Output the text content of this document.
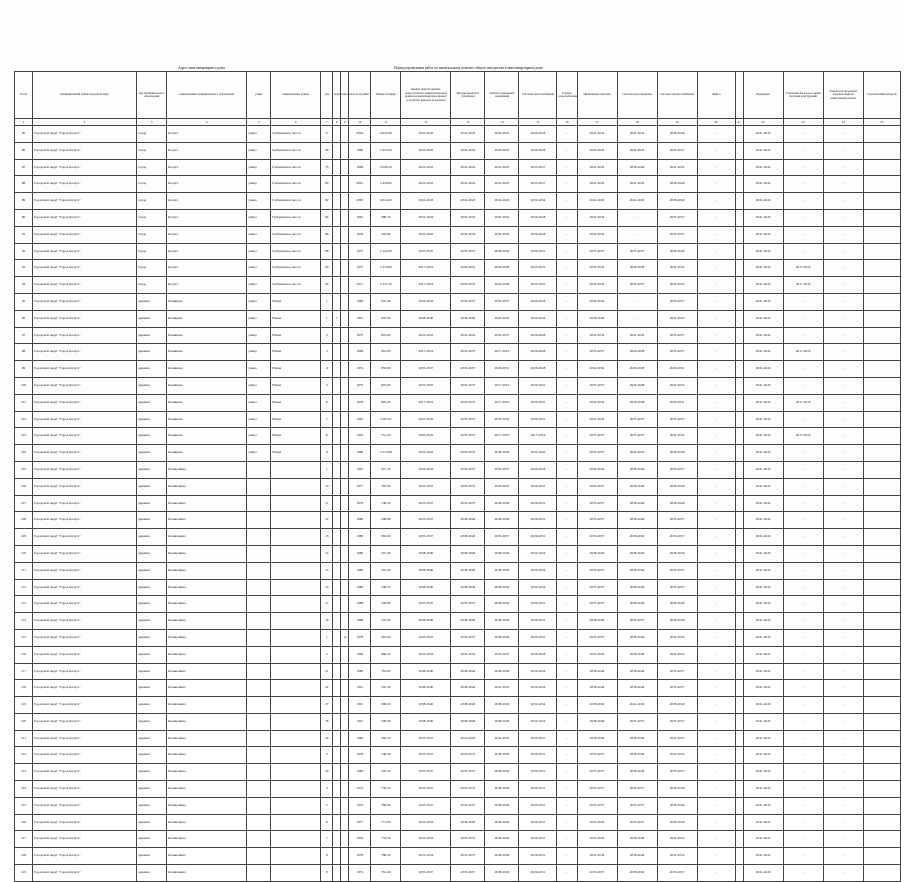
Адрес многоквартирного дома	Период проведения работ по капитальному ремонту общего имущества в многоквартирном доме
№ п/п	муниципальный район/городской округ	вид муниципального образования	наименование муниципального образования	улица	наименование улицы	дом	корпус	литера	Год постройки	Общая площадь	Крыша (ремонт крыши, переустройство невентилируемой крыши на вентилируемую крышу, устройство выходов на кровлю)	Фасады (ремонт и утепление)	Ремонт подвальных помещений	Системы теплоснабжения	Горячее водоснабжение	Инженерные системы	Система водоотведения	Система электроснабжения	Лифты		Фундамент	Утепление фасадов и оценка несущих конструкций	Разработка проектной документации на капитальный ремонт	Строительный контроль
1	2	3	4	5	6	7	8	9	10	11	12	13	14	15	16	17	18	19	20	21	22	23	24	25
85	Городской округ "Город Калуга"	город	Калуга	улица	Гребешковое шоссе	17			2004	4 652,90	2041-2043	2041-2043	2041-2043	2026-2028	-	2041-2043	2041-2043	2038-2040	-		2041-2043	-	-	
86	Городской округ "Город Калуга"	город	Калуга	улица	Гребешковое шоссе	28			1960	1 653,50	2041-2043	2032-2034	2035-2037	2026-2028	-	2032-2034	2041-2043	2035-2037	-		2041-2043	-	-	
87	Городской округ "Город Калуга"	город	Калуга	улица	Гребешковое шоссе	76			1969	2 098,10	2041-2043	2041-2043	2041-2043	2035-2037	-	2041-2043	2038-2040	2041-2043	-		2041-2043	-	-	
88	Городской округ "Город Калуга"	город	Калуга	улица	Гребешковое шоссе	80			2001	3 426,00	2041-2043	2041-2043	2041-2043	2035-2037	-	2041-2043	2041-2043	2038-2040	-		2041-2043	-	-	
89	Городской округ "Город Калуга"	город	Калуга	улица	Гребешковое шоссе	82			2005	6 014,20	2041-2043	2041-2043	2041-2043	2032-2034	-	2041-2043	2041-2043	2038-2040	-		2041-2043	-	-	
90	Городской округ "Город Калуга"	город	Калуга	улица	Гребешковое шоссе	84			1961	288,70	2032-2034	2032-2034	2032-2034	2026-2028	-	2032-2034	-	2035-2037	-		2041-2043	-	-	
91	Городской округ "Город Калуга"	город	Калуга	улица	Гребешковое шоссе	86			1959	293,80	2041-2043	2032-2034	2032-2034	2026-2028	-	2032-2034	-	2035-2037	-		2041-2043	-	-	
92	Городской округ "Город Калуга"	город	Калуга	улица	Гребешковое шоссе	88			1975	1 542,00	2035-2037	2035-2037	2038-2040	2029-2031	-	2035-2037	2035-2037	2038-2040	-		2041-2043	-	-	
93	Городской округ "Город Калуга"	город	Калуга	улица	Гребешковое шоссе	90			1975	3 370,80	2017-2019	2029-2031	2026-2028	2023-2025	-	2032-2034	2026-2028	2032-2034	-		2041-2043	2017-2019	-	
94	Городской округ "Город Калуга"	город	Калуга	улица	Гребешковое шоссе	92			1971	5 227,20	2017-2019	2035-2037	2026-2028	2023-2025	-	2032-2034	2035-2037	2032-2034	-		2041-2043	2017-2019	-	
95	Городской округ "Город Калуга"	деревня	Канищево	улица	Новая	1			1969	647,30	2032-2034	2035-2037	2035-2037	2026-2028	-	2032-2034	-	2035-2037	-		2041-2043	-	-	
96	Городской округ "Город Калуга"	деревня	Канищево	улица	Новая	1	1		1991	955,00	2038-2040	2038-2040	2041-2043	2032-2034	-	2038-2040	-	2041-2043	-		2041-2043	-	-	
97	Городской округ "Город Калуга"	деревня	Канищево	улица	Новая	2			1975	816,60	2041-2043	2041-2043	2035-2037	2026-2028	-	2032-2034	2041-2043	2035-2037	-		2041-2043	-	-	
98	Городской округ "Город Калуга"	деревня	Канищево	улица	Новая	3			1969	801,00	2017-2019	2035-2037	2017-2019	2026-2028	-	2035-2037	2026-2028	2035-2037	-		2041-2043	2017-2019	-	
99	Городской округ "Город Калуга"	деревня	Канищево	улица	Новая	4			1974	833,80	2035-2037	2035-2037	2029-2031	2026-2028	-	2032-2034	2026-2028	2029-2031	-		2041-2043	-	-	
100	Городской округ "Город Калуга"	деревня	Канищево	улица	Новая	5			1975	816,90	2035-2037	2035-2037	2017-2019	2029-2031	-	2035-2037	2026-2028	2032-2034	-		2041-2043	-	-	
101	Городской округ "Город Калуга"	деревня	Канищево	улица	Новая	6			1978	825,95	2017-2019	2035-2037	2017-2019	2023-2025	-	2032-2034	2026-2028	2029-2031	-		2041-2043	2017-2019	-	
102	Городской округ "Город Калуга"	деревня	Канищево	улица	Новая	7			1981	3 267,91	2041-2043	2035-2037	2032-2034	2029-2031	-	2041-2043	2035-2037	2035-2037	-		2041-2043	-	-	
103	Городской округ "Город Калуга"	деревня	Канищево	улица	Новая	8			1993	751,20	2020-2022	2035-2037	2017-2019	2017-2019	-	2035-2037	2035-2037	2032-2034	-		2041-2043	2017-2019	-	
104	Городской округ "Город Калуга"	деревня	Канищево	улица	Новая	9			1986	3 272,99	2041-2043	2035-2037	2038-2040	2041-2043	-	2035-2037	2041-2043	2038-2040	-		2041-2043	-	-	
105	Городской округ "Город Калуга"	деревня	Калиновица			1			1961	927,19	2032-2034	2035-2037	2035-2037	2026-2028	-	2032-2034	2038-2040	2035-2037	-		2041-2043	-	-	
106	Городской округ "Город Калуга"	деревня	Калиновица			10			1977	763,90	2035-2037	2035-2037	2035-2037	2029-2031	-	2035-2037	2038-2040	2038-2040	-		2041-2043	-	-	
107	Городской округ "Город Калуга"	деревня	Калиновица			11			1979	748,30	2035-2037	2035-2037	2038-2040	2029-2031	-	2035-2037	2038-2040	2038-2040	-		2041-2043	-	-	
108	Городской округ "Город Калуга"	деревня	Калиновица			12			1980	208,80	2035-2037	2038-2040	2038-2040	2029-2031	-	2035-2037	2038-2040	2035-2037	-		2041-2043	-	-	
109	Городской округ "Город Калуга"	деревня	Калиновица			13			1980	583,60	2035-2037	2038-2040	2035-2037	2029-2031	-	2035-2037	2038-2040	2035-2037	-		2041-2043	-	-	
110	Городской округ "Город Калуга"	деревня	Калиновица			14			1980	257,40	2038-2040	2038-2040	2038-2040	2032-2034	-	2038-2040	2038-2040	2038-2040	-		2041-2043	-	-	
111	Городской округ "Город Калуга"	деревня	Калиновица			15			1980	501,20	2038-2040	2038-2040	2038-2040	2032-2034	-	2035-2037	2038-2040	2035-2037	-		2041-2043	-	-	
112	Городской округ "Город Калуга"	деревня	Калиновица			16			1980	538,70	2038-2040	2038-2040	2038-2040	2032-2034	-	2035-2037	2038-2040	2035-2037	-		2041-2043	-	-	
113	Городской округ "Город Калуга"	деревня	Калиновица			17			1988	559,80	2035-2037	2035-2037	2038-2040	2029-2031	-	2035-2037	2038-2040	2038-2040	-		2041-2043	-	-	
114	Городской округ "Город Калуга"	деревня	Калиновица			18			1988	576,60	2038-2040	2038-2040	2038-2040	2029-2031	-	2038-2040	2035-2037	2038-2040	-		2041-2043	-	-	
115	Городской округ "Город Калуга"	деревня	Калиновица			1		А	1978	491,00	2035-2037	2035-2037	2038-2040	2029-2031	-	2035-2037	2038-2040	2032-2034	-		2041-2043	-	-	
116	Городской округ "Город Калуга"	деревня	Калиновица			2			1964	866,20	2032-2034	2032-2034	2035-2037	2026-2028	-	2032-2034	2038-2040	2032-2034	-		2041-2043	-	-	
117	Городской округ "Город Калуга"	деревня	Калиновица			21			1980	763,60	2038-2040	2038-2040	2038-2040	2032-2034	-	2038-2040	2038-2040	2035-2037	-		2041-2043	-	-	
118	Городской округ "Город Калуга"	деревня	Калиновица			22			1991	595,30	2038-2040	2038-2040	2041-2043	2032-2034	-	2038-2040	2038-2040	2035-2037	-		2041-2043	-	-	
119	Городской округ "Город Калуга"	деревня	Калиновица			27			1991	908,20	2038-2040	2038-2040	2038-2040	2032-2034	-	2038-2040	2041-2043	2038-2040	-		2041-2043	-	-	
120	Городской округ "Город Калуга"	деревня	Калиновица			28			1991	596,90	2038-2040	2038-2040	2038-2040	2032-2034	-	2038-2040	2035-2037	2035-2037	-		2041-2043	-	-	
121	Городской округ "Город Калуга"	деревня	Калиновица			29			1984	582,10	2035-2037	2041-2043	2041-2043	2035-2037	-	2038-2040	2038-2040	2041-2043	-		2041-2043	-	-	
122	Городской округ "Город Калуга"	деревня	Калиновица			3			1978	748,40	2035-2037	2035-2037	2038-2040	2029-2031	-	2035-2037	2038-2040	2032-2034	-		2041-2043	-	-	
123	Городской округ "Город Калуга"	деревня	Калиновица			30			1986	595,30	2035-2037	2035-2037	2038-2040	2029-2031	-	2035-2037	2038-2040	2035-2037	-		2041-2043	-	-	
124	Городской округ "Город Калуга"	деревня	Калиновица			4			1972	758,10	2035-2037	2035-2037	2038-2040	2029-2031	-	2035-2037	2035-2037	2038-2040	-		2041-2043	-	-	
125	Городской округ "Город Калуга"	деревня	Калиновица			5			1976	760,00	2035-2037	2035-2037	2038-2040	2029-2031	-	2035-2037	2035-2037	2038-2040	-		2041-2043	-	-	
126	Городской округ "Город Калуга"	деревня	Калиновица			6			1977	771,00	2032-2034	2038-2040	2038-2040	2029-2031	-	2032-2034	2035-2037	2038-2040	-		2041-2043	-	-	
127	Городской округ "Город Калуга"	деревня	Калиновица			7			1976	753,30	2032-2034	2035-2037	2038-2040	2029-2031	-	2032-2034	2038-2040	2032-2034	-		2041-2043	-	-	
128	Городской округ "Город Калуга"	деревня	Калиновица			8			1978	788,30	2032-2034	2035-2037	2038-2040	2029-2031	-	2032-2034	2038-2040	2032-2034	-		2041-2043	-	-	
129	Городской округ "Город Калуга"	деревня	Калиновица			9			1974	761,40	2035-2037	2035-2037	2038-2040	2029-2031	-	2035-2037	2038-2040	2035-2037	-		2041-2043	-	-	
